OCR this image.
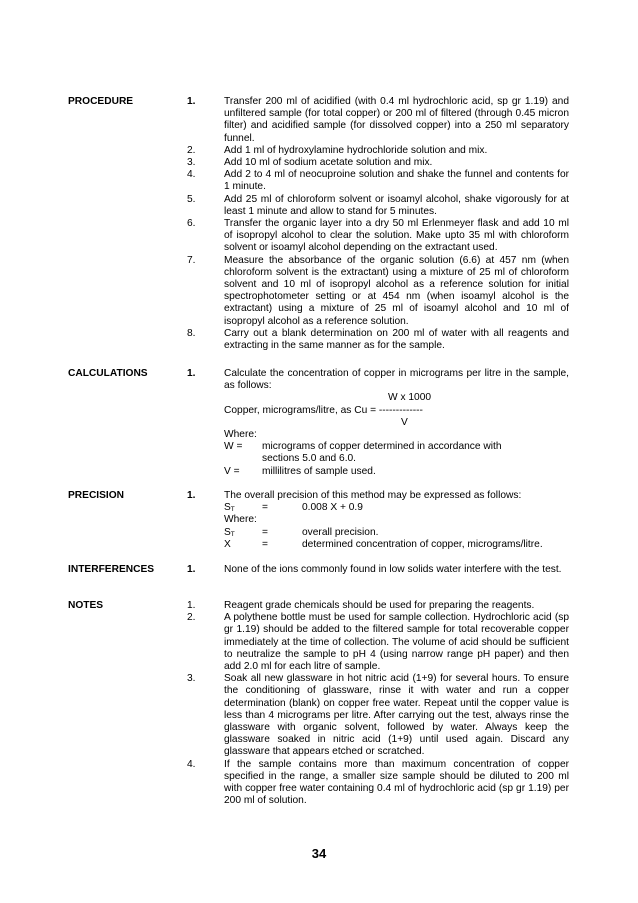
PROCEDURE	1.	Transfer 200 ml of acidified (with 0.4 ml hydrochloric acid, sp gr 1.19) and unfiltered sample (for total copper) or 200 ml of filtered (through 0.45 micron filter) and acidified sample (for dissolved copper) into a 250 ml separatory funnel.
2.	Add 1 ml of hydroxylamine hydrochloride solution and mix.
3.	Add 10 ml of sodium acetate solution and mix.
4.	Add 2 to 4 ml of neocuproine solution and shake the funnel and contents for 1 minute.
5.	Add 25 ml of chloroform solvent or isoamyl alcohol, shake vigorously for at least 1 minute and allow to stand for 5 minutes.
6.	Transfer the organic layer into a dry 50 ml Erlenmeyer flask and add 10 ml of isopropyl alcohol to clear the solution. Make upto 35 ml with chloroform solvent or isoamyl alcohol depending on the extractant used.
7.	Measure the absorbance of the organic solution (6.6) at 457 nm (when chloroform solvent is the extractant) using a mixture of 25 ml of chloroform solvent and 10 ml of isopropyl alcohol as a reference solution for initial spectrophotometer setting or at 454 nm (when isoamyl alcohol is the extractant) using a mixture of 25 ml of isoamyl alcohol and 10 ml of isopropyl alcohol as a reference solution.
8.	Carry out a blank determination on 200 ml of water with all reagents and extracting in the same manner as for the sample.
CALCULATIONS	1.	Calculate the concentration of copper in micrograms per litre in the sample, as follows:
W x 1000
Copper, micrograms/litre, as Cu = -------------
V
Where:
W = micrograms of copper determined in accordance with sections 5.0 and 6.0.
V = millilitres of sample used.
PRECISION	1.	The overall precision of this method may be expressed as follows:
$S_T$	=	0.008 X + 0.9
Where:
$S_T$	=	overall precision.
X	=	determined concentration of copper, micrograms/litre.
INTERFERENCES	1.	None of the ions commonly found in low solids water interfere with the test.
NOTES	1.	Reagent grade chemicals should be used for preparing the reagents.
2.	A polythene bottle must be used for sample collection. Hydrochloric acid (sp gr 1.19) should be added to the filtered sample for total recoverable copper immediately at the time of collection. The volume of acid should be sufficient to neutralize the sample to pH 4 (using narrow range pH paper) and then add 2.0 ml for each litre of sample.
3.	Soak all new glassware in hot nitric acid (1+9) for several hours. To ensure the conditioning of glassware, rinse it with water and run a copper determination (blank) on copper free water. Repeat until the copper value is less than 4 micrograms per litre. After carrying out the test, always rinse the glassware with organic solvent, followed by water. Always keep the glassware soaked in nitric acid (1+9) until used again. Discard any glassware that appears etched or scratched.
4.	If the sample contains more than maximum concentration of copper specified in the range, a smaller size sample should be diluted to 200 ml with copper free water containing 0.4 ml of hydrochloric acid (sp gr 1.19) per 200 ml of solution.
34
